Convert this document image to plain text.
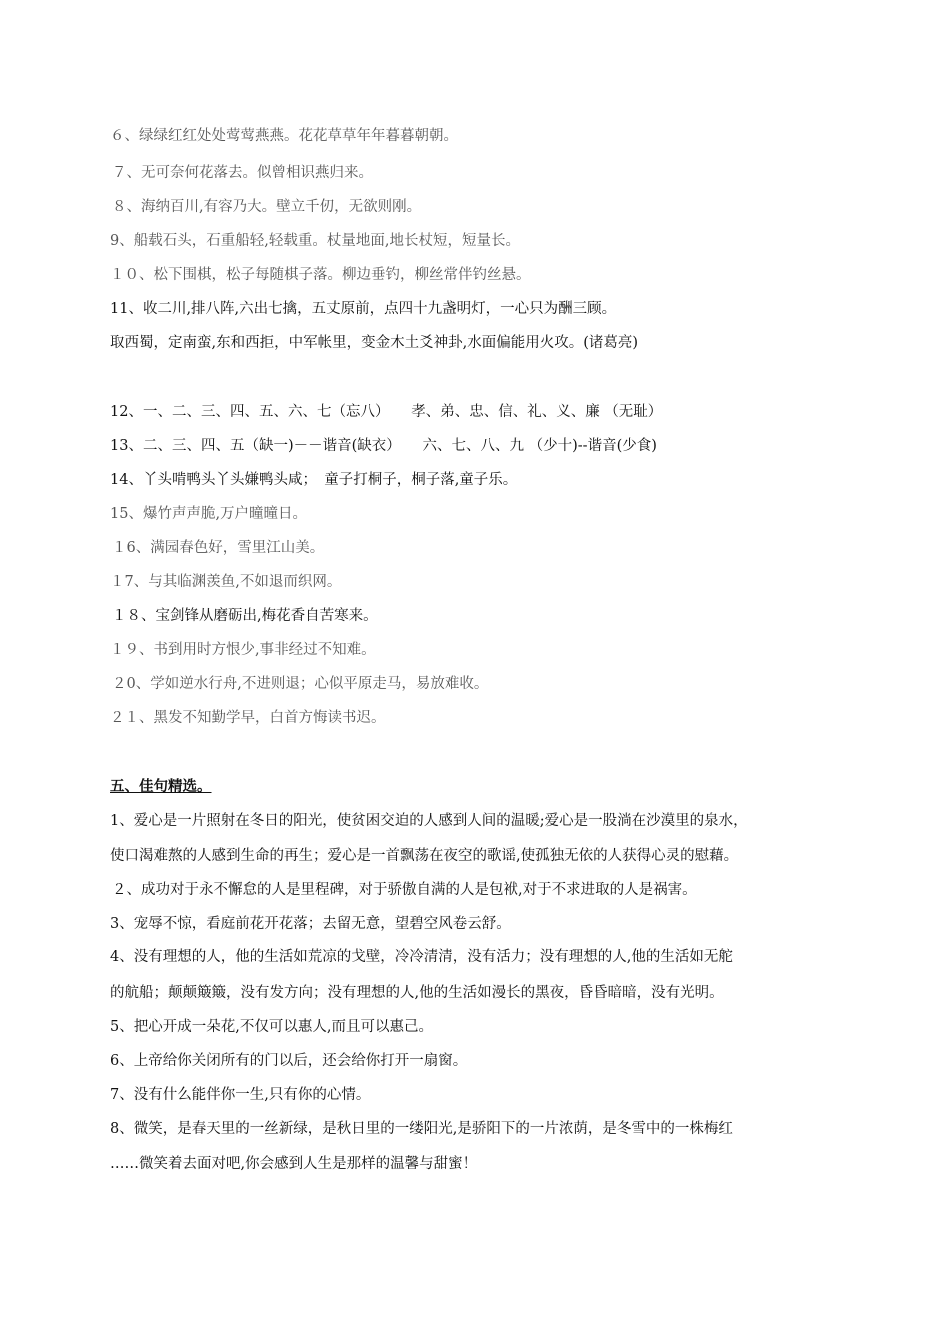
６、绿绿红红处处莺莺燕燕。花花草草年年暮暮朝朝。
７、无可奈何花落去。似曾相识燕归来。
８、海纳百川,有容乃大。壁立千仞，无欲则刚。
9、船载石头，石重船轻,轻载重。杖量地面,地长杖短，短量长。
１０、松下围棋，松子每随棋子落。柳边垂钓，柳丝常伴钓丝悬。
11、收二川,排八阵,六出七擒，五丈原前，点四十九盏明灯，一心只为酬三顾。
取西蜀，定南蛮,东和西拒，中军帐里，变金木土爻神卦,水面偏能用火攻。(诸葛亮)
12、一、二、三、四、五、六、七（忘八）　　孝、弟、忠、信、礼、义、廉 （无耻）
13、二、三、四、五（缺一)－－谐音(缺衣）　　六、七、八、九 （少十)--谐音(少食)
14、丫头啃鸭头丫头嫌鸭头咸；　童子打桐子，桐子落,童子乐。
15、爆竹声声脆,万户曈曈日。
１6、满园春色好，雪里江山美。
１7、与其临渊羡鱼,不如退而织网。
１８、宝剑锋从磨砺出,梅花香自苦寒来。
１９、书到用时方恨少,事非经过不知难。
２0、学如逆水行舟,不进则退；心似平原走马，易放难收。
２１、黑发不知勤学早，白首方悔读书迟。
五、佳句精选。
1、爱心是一片照射在冬日的阳光，使贫困交迫的人感到人间的温暖;爱心是一股淌在沙漠里的泉水，
使口渴难熬的人感到生命的再生；爱心是一首飘荡在夜空的歌谣,使孤独无依的人获得心灵的慰藉。
２、成功对于永不懈怠的人是里程碑，对于骄傲自满的人是包袱,对于不求进取的人是祸害。
3、宠辱不惊，看庭前花开花落；去留无意，望碧空风卷云舒。
4、没有理想的人，他的生活如荒凉的戈壁，冷冷清清，没有活力；没有理想的人,他的生活如无舵
的航船；颠颠簸簸，没有发方向；没有理想的人,他的生活如漫长的黑夜，昏昏暗暗，没有光明。
5、把心开成一朵花,不仅可以惠人,而且可以惠己。
6、上帝给你关闭所有的门以后，还会给你打开一扇窗。
7、没有什么能伴你一生,只有你的心情。
8、微笑，是春天里的一丝新绿，是秋日里的一缕阳光,是骄阳下的一片浓荫，是冬雪中的一株梅红
……微笑着去面对吧,你会感到人生是那样的温馨与甜蜜！
